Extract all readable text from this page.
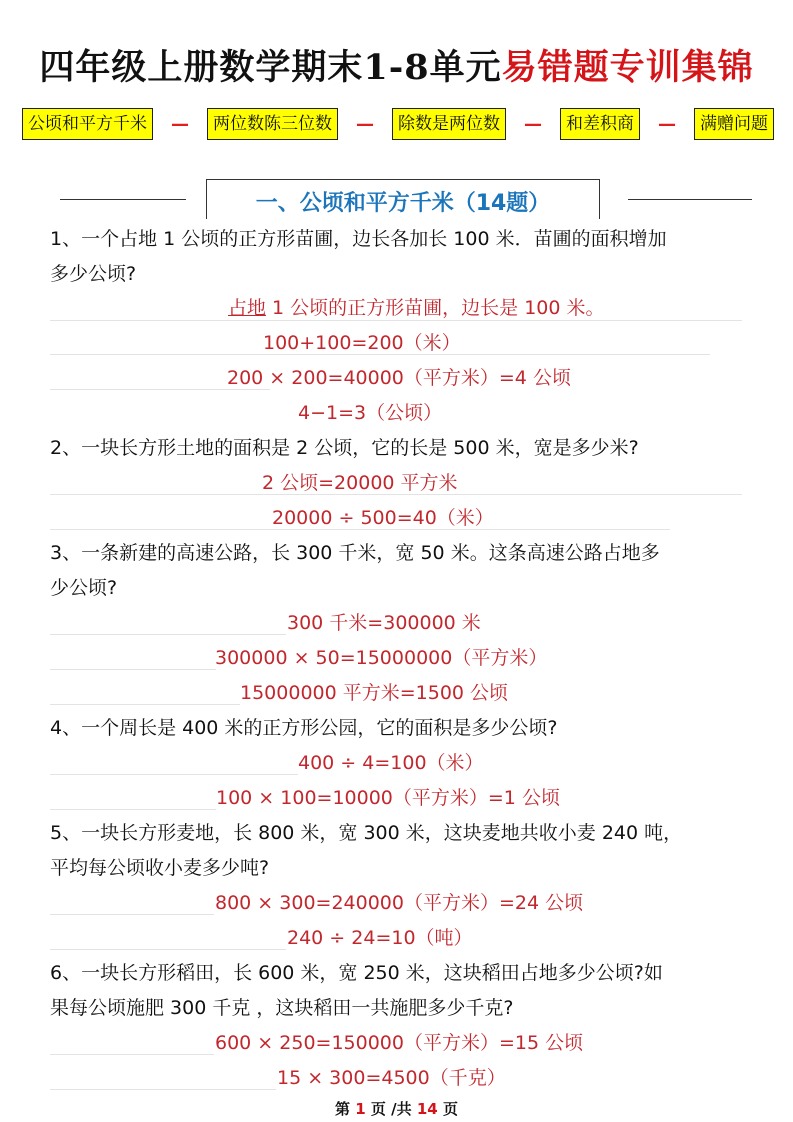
四年级上册数学期末1-8单元易错题专训集锦
公顷和平方千米	—	两位数陈三位数	—	除数是两位数	—	和差积商	—	满赠问题
一、公顷和平方千米（14题）
1、一个占地 1 公顷的正方形苗圃，边长各加长 100 米．苗圃的面积增加
多少公顷?
占地 1 公顷的正方形苗圃，边长是 100 米。
100+100=200（米）
200 × 200=40000（平方米）=4 公顷
4−1=3（公顷）
2、一块长方形土地的面积是 2 公顷，它的长是 500 米，宽是多少米?
2 公顷=20000 平方米
20000 ÷ 500=40（米）
3、一条新建的高速公路，长 300 千米，宽 50 米。这条高速公路占地多
少公顷?
300 千米=300000 米
300000 × 50=15000000（平方米）
15000000 平方米=1500 公顷
4、一个周长是 400 米的正方形公园，它的面积是多少公顷?
400 ÷ 4=100（米）
100 × 100=10000（平方米）=1 公顷
5、一块长方形麦地，长 800 米，宽 300 米，这块麦地共收小麦 240 吨，
平均每公顷收小麦多少吨?
800 × 300=240000（平方米）=24 公顷
240 ÷ 24=10（吨）
6、一块长方形稻田，长 600 米，宽 250 米，这块稻田占地多少公顷?如
果每公顷施肥 300 千克 ，这块稻田一共施肥多少千克?
600 × 250=150000（平方米）=15 公顷
15 × 300=4500（千克）
第 1 页 /共 14 页
